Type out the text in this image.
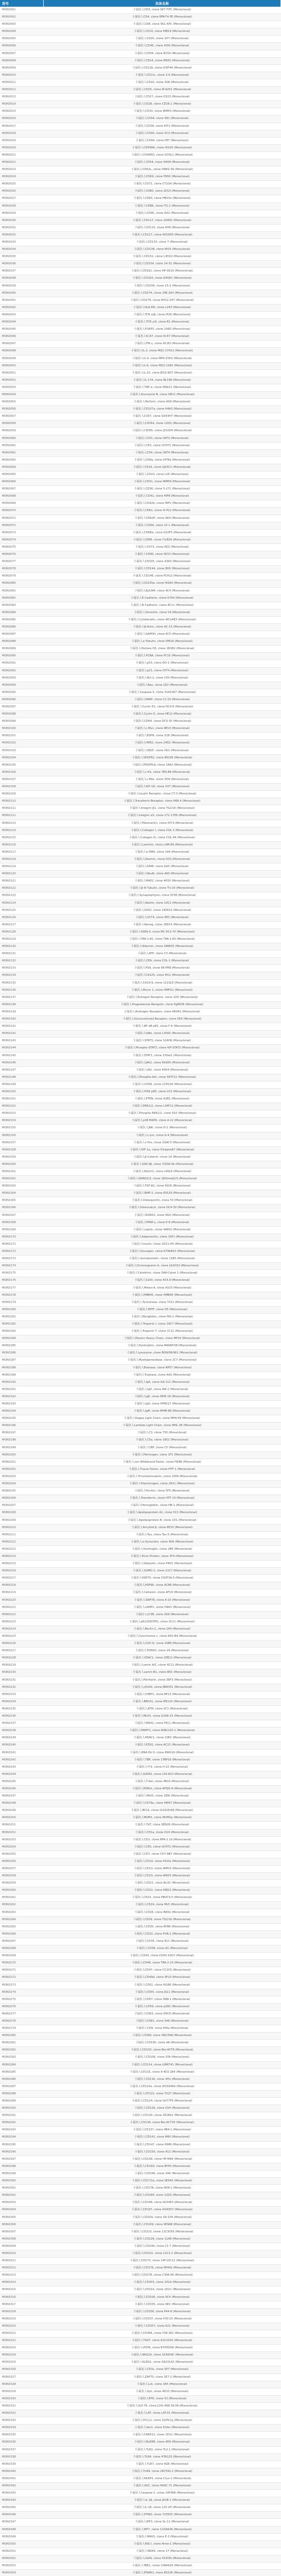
货号	抗体名称
MON3001	小鼠抗人CD3, clone SK7 FITC (Monoclonal)
MON3002	小鼠抗人CD4, clone RPA-T4 PE (Monoclonal)
MON3003	小鼠抗人CD8, clone SK1 APC (Monoclonal)
MON3004	小鼠抗人CD19, clone HIB19 (Monoclonal)
MON3005	小鼠抗人CD20, clone 2H7 (Monoclonal)
MON3006	小鼠抗人CD45, clone HI30 (Monoclonal)
MON3007	小鼠抗人CD56, clone B159 (Monoclonal)
MON3008	小鼠抗人CD14, clone M5E2 (Monoclonal)
MON3009	小鼠抗人CD11b, clone ICRF44 (Monoclonal)
MON3010	小鼠抗人CD11c, clone 3.9 (Monoclonal)
MON3011	小鼠抗人CD16, clone 3G8 (Monoclonal)
MON3012	小鼠抗人CD25, clone M-A251 (Monoclonal)
MON3013	小鼠抗人CD27, clone O323 (Monoclonal)
MON3014	小鼠抗人CD28, clone CD28.2 (Monoclonal)
MON3015	小鼠抗人CD33, clone WM53 (Monoclonal)
MON3016	小鼠抗人CD34, clone 581 (Monoclonal)
MON3017	小鼠抗人CD38, clone HIT2 (Monoclonal)
MON3018	小鼠抗人CD40, clone 5C3 (Monoclonal)
MON3019	小鼠抗人CD44, clone IM7 (Monoclonal)
MON3020	小鼠抗人CD45RA, clone HI100 (Monoclonal)
MON3021	小鼠抗人CD45RO, clone UCHL1 (Monoclonal)
MON3022	小鼠抗人CD54, clone HA58 (Monoclonal)
MON3023	小鼠抗人CD62L, clone DREG-56 (Monoclonal)
MON3024	小鼠抗人CD69, clone FN50 (Monoclonal)
MON3025	小鼠抗人CD71, clone CY1G4 (Monoclonal)
MON3026	小鼠抗人CD80, clone 2D10 (Monoclonal)
MON3027	小鼠抗人CD83, clone HB15e (Monoclonal)
MON3028	小鼠抗人CD86, clone IT2.2 (Monoclonal)
MON3029	小鼠抗人CD95, clone DX2 (Monoclonal)
MON3030	小鼠抗人CD117, clone 104D2 (Monoclonal)
MON3031	小鼠抗人CD123, clone 6H6 (Monoclonal)
MON3032	小鼠抗人CD127, clone A019D5 (Monoclonal)
MON3033	小鼠抗人CD133, clone 7 (Monoclonal)
MON3034	小鼠抗人CD138, clone MI15 (Monoclonal)
MON3035	小鼠抗人CD152, clone L3D10 (Monoclonal)
MON3036	小鼠抗人CD154, clone 24-31 (Monoclonal)
MON3037	小鼠抗人CD161, clone HP-3G10 (Monoclonal)
MON3038	小鼠抗人CD163, clone GHI/61 (Monoclonal)
MON3039	小鼠抗人CD206, clone 15-2 (Monoclonal)
MON3040	小鼠抗人CD274, clone 29E.2A3 (Monoclonal)
MON3041	小鼠抗人CD279, clone EH12.2H7 (Monoclonal)
MON3042	小鼠抗人HLA-DR, clone L243 (Monoclonal)
MON3043	小鼠抗人TCR α/β, clone IP26 (Monoclonal)
MON3044	小鼠抗人TCR γ/δ, clone B1 (Monoclonal)
MON3045	小鼠抗人FOXP3, clone 206D (Monoclonal)
MON3046	小鼠抗人Ki-67, clone Ki-67 (Monoclonal)
MON3047	小鼠抗人IFN-γ, clone 4S.B3 (Monoclonal)
MON3048	小鼠抗人IL-2, clone MQ1-17H12 (Monoclonal)
MON3049	小鼠抗人IL-4, clone MP4-25D2 (Monoclonal)
MON3050	小鼠抗人IL-6, clone MQ2-13A5 (Monoclonal)
MON3051	小鼠抗人IL-10, clone JES3-9D7 (Monoclonal)
MON3052	小鼠抗人IL-17A, clone BL168 (Monoclonal)
MON3053	小鼠抗人TNF-α, clone MAb11 (Monoclonal)
MON3054	小鼠抗人Granzyme B, clone GB11 (Monoclonal)
MON3055	小鼠抗人Perforin, clone dG9 (Monoclonal)
MON3056	小鼠抗人CD107a, clone H4A3 (Monoclonal)
MON3057	小鼠抗人CCR7, clone G043H7 (Monoclonal)
MON3058	小鼠抗人CXCR4, clone 12G5 (Monoclonal)
MON3059	小鼠抗人CXCR5, clone J252D4 (Monoclonal)
MON3060	小鼠抗人CD3, clone OKT3 (Monoclonal)
MON3061	小鼠抗人CD3, clone UCHT1 (Monoclonal)
MON3062	小鼠抗人CD4, clone OKT4 (Monoclonal)
MON3063	小鼠抗人CD8a, clone HIT8a (Monoclonal)
MON3064	小鼠抗人CD19, clone SJ25C1 (Monoclonal)
MON3065	小鼠抗人CD20, clone L26 (Monoclonal)
MON3066	小鼠抗人CD31, clone WM59 (Monoclonal)
MON3067	小鼠抗人CD36, clone 5-271 (Monoclonal)
MON3068	小鼠抗人CD41, clone HIP8 (Monoclonal)
MON3069	小鼠抗人CD42b, clone HIP1 (Monoclonal)
MON3070	小鼠抗人CD61, clone VI-PL2 (Monoclonal)
MON3071	小鼠抗人CD62P, clone AK4 (Monoclonal)
MON3072	小鼠抗人CD64, clone 10.1 (Monoclonal)
MON3073	小鼠抗人CD66b, clone G10F5 (Monoclonal)
MON3074	小鼠抗人CD68, clone Y1/82A (Monoclonal)
MON3075	小鼠抗人CD73, clone AD2 (Monoclonal)
MON3076	小鼠抗人CD90, clone 5E10 (Monoclonal)
MON3077	小鼠抗人CD105, clone 43A3 (Monoclonal)
MON3078	小鼠抗人CD144, clone BV9 (Monoclonal)
MON3079	小鼠抗人CD146, clone P1H12 (Monoclonal)
MON3080	小鼠抗人CD235a, clone HI264 (Monoclonal)
MON3081	小鼠抗人EpCAM, clone 9C4 (Monoclonal)
MON3082	小鼠抗人E-Cadherin, clone 67A4 (Monoclonal)
MON3083	小鼠抗人N-Cadherin, clone 8C11 (Monoclonal)
MON3084	小鼠抗人Vimentin, clone V9 (Monoclonal)
MON3085	小鼠抗人Cytokeratin, clone AE1/AE3 (Monoclonal)
MON3086	小鼠抗人β-Actin, clone AC-15 (Monoclonal)
MON3087	小鼠抗人GAPDH, clone 6C5 (Monoclonal)
MON3088	小鼠抗人α-Tubulin, clone DM1A (Monoclonal)
MON3089	小鼠抗人Histone H3, clone 1B1B2 (Monoclonal)
MON3090	小鼠抗人PCNA, clone PC10 (Monoclonal)
MON3091	小鼠抗人p53, clone DO-1 (Monoclonal)
MON3092	小鼠抗人p21, clone CP74 (Monoclonal)
MON3093	小鼠抗人Bcl-2, clone 100 (Monoclonal)
MON3094	小鼠抗人Bax, clone 2D2 (Monoclonal)
MON3095	小鼠抗人Caspase-3, clone 31A1067 (Monoclonal)
MON3096	小鼠抗人PARP, clone C2-10 (Monoclonal)
MON3097	小鼠抗人Cyclin D1, clone DCS-6 (Monoclonal)
MON3098	小鼠抗人Cyclin E, clone HE12 (Monoclonal)
MON3099	小鼠抗人CDK4, clone DCS-35 (Monoclonal)
MON3100	小鼠抗人c-Myc, clone 9E10 (Monoclonal)
MON3101	小鼠抗人EGFR, clone 528 (Monoclonal)
MON3102	小鼠抗人HER2, clone 24D2 (Monoclonal)
MON3103	小鼠抗人VEGF, clone VG1 (Monoclonal)
MON3104	小鼠抗人VEGFR2, clone 89106 (Monoclonal)
MON3105	小鼠抗人PDGFR-β, clone 18A2 (Monoclonal)
MON3106	小鼠抗人c-Kit, clone YB5.B8 (Monoclonal)
MON3107	小鼠抗人c-Met, clone 3D4 (Monoclonal)
MON3108	小鼠抗人IGF-1R, clone 1H7 (Monoclonal)
MON3109	小鼠抗人Insulin Receptor, clone CT-3 (Monoclonal)
MON3110	小鼠抗人Transferrin Receptor, clone H68.4 (Monoclonal)
MON3111	小鼠抗人Integrin β1, clone TS2/16 (Monoclonal)
MON3112	小鼠抗人Integrin αV, clone 272-17E6 (Monoclonal)
MON3113	小鼠抗人Fibronectin, clone IST-9 (Monoclonal)
MON3114	小鼠抗人Collagen I, clone COL-1 (Monoclonal)
MON3115	小鼠抗人Collagen IV, clone COL-94 (Monoclonal)
MON3116	小鼠抗人Laminin, clone LAM-89 (Monoclonal)
MON3117	小鼠抗人α-SMA, clone 1A4 (Monoclonal)
MON3118	小鼠抗人Desmin, clone D33 (Monoclonal)
MON3119	小鼠抗人GFAP, clone GA5 (Monoclonal)
MON3120	小鼠抗人NeuN, clone A60 (Monoclonal)
MON3121	小鼠抗人MAP2, clone AP20 (Monoclonal)
MON3122	小鼠抗人β-III Tubulin, clone TU-20 (Monoclonal)
MON3123	小鼠抗人Synaptophysin, clone SY38 (Monoclonal)
MON3124	小鼠抗人Nestin, clone 10C2 (Monoclonal)
MON3125	小鼠抗人SOX2, clone 245610 (Monoclonal)
MON3126	小鼠抗人OCT4, clone 9E3 (Monoclonal)
MON3127	小鼠抗人Nanog, clone 1E6C4 (Monoclonal)
MON3128	小鼠抗人SSEA-4, clone MC-813-70 (Monoclonal)
MON3129	小鼠抗人TRA-1-60, clone TRA-1-60 (Monoclonal)
MON3130	小鼠抗人Albumin, clone 188835 (Monoclonal)
MON3131	小鼠抗人AFP, clone C3 (Monoclonal)
MON3132	小鼠抗人CEA, clone COL-1 (Monoclonal)
MON3133	小鼠抗人PSA, clone ER-PR8 (Monoclonal)
MON3134	小鼠抗人CA125, clone M11 (Monoclonal)
MON3135	小鼠抗人CA19-9, clone 121SLE (Monoclonal)
MON3136	小鼠抗人Mucin 1, clone HMFG1 (Monoclonal)
MON3137	小鼠抗人Estrogen Receptor, clone 1D5 (Monoclonal)
MON3138	小鼠抗人Progesterone Receptor, clone PgR636 (Monoclonal)
MON3139	小鼠抗人Androgen Receptor, clone AR441 (Monoclonal)
MON3140	小鼠抗人Glucocorticoid Receptor, clone 5E4 (Monoclonal)
MON3141	小鼠抗人NF-κB p65, clone F-6 (Monoclonal)
MON3142	小鼠抗人IκBα, clone L35A5 (Monoclonal)
MON3143	小鼠抗人STAT3, clone 124H6 (Monoclonal)
MON3144	小鼠抗人Phospho-STAT3, clone 4/P-STAT3 (Monoclonal)
MON3145	小鼠抗人STAT1, clone 1/Stat1 (Monoclonal)
MON3146	小鼠抗人JAK2, clone 691R5 (Monoclonal)
MON3147	小鼠抗人Akt, clone 40D4 (Monoclonal)
MON3148	小鼠抗人Phospho-Akt, clone 587F11 (Monoclonal)
MON3149	小鼠抗人mTOR, clone 215Q18 (Monoclonal)
MON3150	小鼠抗人PI3K p85, clone U13 (Monoclonal)
MON3151	小鼠抗人PTEN, clone A2B1 (Monoclonal)
MON3152	小鼠抗人ERK1/2, clone L34F12 (Monoclonal)
MON3153	小鼠抗人Phospho-ERK1/2, clone E10 (Monoclonal)
MON3154	小鼠抗人p38 MAPK, clone A-12 (Monoclonal)
MON3155	小鼠抗人JNK, clone D-2 (Monoclonal)
MON3156	小鼠抗人c-Jun, clone G-4 (Monoclonal)
MON3157	小鼠抗人c-Fos, clone 2G9C3 (Monoclonal)
MON3158	小鼠抗人HIF-1α, clone H1alpha67 (Monoclonal)
MON3159	小鼠抗人β-Catenin, clone 14 (Monoclonal)
MON3160	小鼠抗人GSK-3β, clone 7/GSK-3b (Monoclonal)
MON3161	小鼠抗人Notch1, clone mN1A (Monoclonal)
MON3162	小鼠抗人SMAD2/3, clone 18/Smad2/3 (Monoclonal)
MON3163	小鼠抗人TGF-β1, clone 9016 (Monoclonal)
MON3164	小鼠抗人BMP-2, clone 65529 (Monoclonal)
MON3165	小鼠抗人Osteopontin, clone 53 (Monoclonal)
MON3166	小鼠抗人Osteocalcin, clone OC4-30 (Monoclonal)
MON3167	小鼠抗人RUNX2, clone 8G5 (Monoclonal)
MON3168	小鼠抗人PPAR-γ, clone E-8 (Monoclonal)
MON3169	小鼠抗人Leptin, clone 44802 (Monoclonal)
MON3170	小鼠抗人Adiponectin, clone 19F1 (Monoclonal)
MON3171	小鼠抗人Insulin, clone 2D11-H5 (Monoclonal)
MON3172	小鼠抗人Glucagon, clone K79bB10 (Monoclonal)
MON3173	小鼠抗人Somatostatin, clone 11B5 (Monoclonal)
MON3174	小鼠抗人Chromogranin A, clone LK2H10 (Monoclonal)
MON3175	小鼠抗人Calretinin, clone DAK-Calret 1 (Monoclonal)
MON3176	小鼠抗人S100, clone 4C4.9 (Monoclonal)
MON3177	小鼠抗人Melan-A, clone A103 (Monoclonal)
MON3178	小鼠抗人HMB45, clone HMB45 (Monoclonal)
MON3179	小鼠抗人Tyrosinase, clone T311 (Monoclonal)
MON3180	小鼠抗人MITF, clone D5 (Monoclonal)
MON3181	小鼠抗人Myoglobin, clone MG-1 (Monoclonal)
MON3182	小鼠抗人Troponin I, clone 19C7 (Monoclonal)
MON3183	小鼠抗人Troponin T, clone 1C11 (Monoclonal)
MON3184	小鼠抗人Myosin Heavy Chain, clone MF20 (Monoclonal)
MON3185	小鼠抗人Dystrophin, clone MANDYS8 (Monoclonal)
MON3186	小鼠抗人Lysozyme, clone BGN/06/961 (Monoclonal)
MON3187	小鼠抗人Myeloperoxidase, clone 2C7 (Monoclonal)
MON3188	小鼠抗人Elastase, clone NP57 (Monoclonal)
MON3189	小鼠抗人Tryptase, clone AA1 (Monoclonal)
MON3190	小鼠抗人IgA, clone GA-112 (Monoclonal)
MON3191	小鼠抗人IgD, clone IA6-2 (Monoclonal)
MON3192	小鼠抗人IgE, clone MHE-18 (Monoclonal)
MON3193	小鼠抗人IgG, clone HP6017 (Monoclonal)
MON3194	小鼠抗人IgM, clone MHM-88 (Monoclonal)
MON3195	小鼠抗人Kappa Light Chain, clone MHK-49 (Monoclonal)
MON3196	小鼠抗人Lambda Light Chain, clone MHL-38 (Monoclonal)
MON3197	小鼠抗人C3, clone 755 (Monoclonal)
MON3198	小鼠抗人C5a, clone 2952 (Monoclonal)
MON3199	小鼠抗人CRP, clone C5 (Monoclonal)
MON3200	小鼠抗人Fibrinogen, clone 1F1 (Monoclonal)
MON3201	小鼠抗人von Willebrand Factor, clone F8/86 (Monoclonal)
MON3202	小鼠抗人Tissue Factor, clone HTF-1 (Monoclonal)
MON3203	小鼠抗人Thrombomodulin, clone 1009 (Monoclonal)
MON3204	小鼠抗人Plasminogen, clone 2A11 (Monoclonal)
MON3205	小鼠抗人Ferritin, clone 5F5 (Monoclonal)
MON3206	小鼠抗人Transferrin, clone HTF-14 (Monoclonal)
MON3207	小鼠抗人Hemoglobin, clone HB-1 (Monoclonal)
MON3208	小鼠抗人Apolipoprotein A1, clone 513 (Monoclonal)
MON3209	小鼠抗人Apolipoprotein B, clone 1D1 (Monoclonal)
MON3210	小鼠抗人Amyloid β, clone 6E10 (Monoclonal)
MON3211	小鼠抗人Tau, clone Tau-5 (Monoclonal)
MON3212	小鼠抗人α-Synuclein, clone 4D6 (Monoclonal)
MON3213	小鼠抗人Huntingtin, clone 2B4 (Monoclonal)
MON3214	小鼠抗人Prion Protein, clone 3F4 (Monoclonal)
MON3215	小鼠抗人Ubiquitin, clone P4D1 (Monoclonal)
MON3216	小鼠抗人SUMO-1, clone 21C7 (Monoclonal)
MON3217	小鼠抗人HSP70, clone C92F3A-5 (Monoclonal)
MON3218	小鼠抗人HSP90, clone AC88 (Monoclonal)
MON3219	小鼠抗人Calnexin, clone AF18 (Monoclonal)
MON3220	小鼠抗人GRP78, clone A-10 (Monoclonal)
MON3221	小鼠抗人LAMP1, clone H4A3 (Monoclonal)
MON3222	小鼠抗人LC3B, clone 2G6 (Monoclonal)
MON3223	小鼠抗人p62/SQSTM1, clone 2C11 (Monoclonal)
MON3224	小鼠抗人Beclin-1, clone 2A4 (Monoclonal)
MON3225	小鼠抗人Cytochrome c, clone 6H2.B4 (Monoclonal)
MON3226	小鼠抗人COX IV, clone 20E8 (Monoclonal)
MON3227	小鼠抗人TOM20, clone 29 (Monoclonal)
MON3228	小鼠抗人VDAC1, clone 20B12 (Monoclonal)
MON3229	小鼠抗人Lamin A/C, clone 4C11 (Monoclonal)
MON3230	小鼠抗人Lamin B1, clone 8D1 (Monoclonal)
MON3231	小鼠抗人Fibrillarin, clone 38F3 (Monoclonal)
MON3232	小鼠抗人γH2AX, clone JBW301 (Monoclonal)
MON3233	小鼠抗人53BP1, clone BP13 (Monoclonal)
MON3234	小鼠抗人BRCA1, clone MS110 (Monoclonal)
MON3235	小鼠抗人ATM, clone 2C1 (Monoclonal)
MON3236	小鼠抗人MLH1, clone G168-15 (Monoclonal)
MON3237	小鼠抗人MSH2, clone FE11 (Monoclonal)
MON3238	小鼠抗人DNMT1, clone 60B1220.1 (Monoclonal)
MON3239	小鼠抗人HDAC1, clone 10E2 (Monoclonal)
MON3240	小鼠抗人EZH2, clone AC22 (Monoclonal)
MON3241	小鼠抗人RNA Pol II, clone 8WG16 (Monoclonal)
MON3242	小鼠抗人TBP, clone 1TBP18 (Monoclonal)
MON3243	小鼠抗人YY1, clone H-10 (Monoclonal)
MON3244	小鼠抗人GATA3, clone L50-823 (Monoclonal)
MON3245	小鼠抗人T-bet, clone 4B10 (Monoclonal)
MON3246	小鼠抗人RORγt, clone AFKJS-9 (Monoclonal)
MON3247	小鼠抗人PAX5, clone 1EW (Monoclonal)
MON3248	小鼠抗人CD79a, clone HM47 (Monoclonal)
MON3249	小鼠抗人BCL6, clone GI191E/A8 (Monoclonal)
MON3250	小鼠抗人MUM1, clone MUM1p (Monoclonal)
MON3251	小鼠抗人TdT, clone SEN28 (Monoclonal)
MON3252	小鼠抗人CD1a, clone O10 (Monoclonal)
MON3253	小鼠抗人CD2, clone RPA-2.10 (Monoclonal)
MON3254	小鼠抗人CD5, clone UCHT2 (Monoclonal)
MON3255	小鼠抗人CD7, clone CD7-6B7 (Monoclonal)
MON3256	小鼠抗人CD10, clone HI10a (Monoclonal)
MON3257	小鼠抗人CD13, clone WM15 (Monoclonal)
MON3258	小鼠抗人CD15, clone W6D3 (Monoclonal)
MON3259	小鼠抗人CD21, clone Bu32 (Monoclonal)
MON3260	小鼠抗人CD22, clone HIB22 (Monoclonal)
MON3261	小鼠抗人CD23, clone EBVCS-5 (Monoclonal)
MON3262	小鼠抗人CD24, clone ML5 (Monoclonal)
MON3263	小鼠抗人CD26, clone BA5b (Monoclonal)
MON3264	小鼠抗人CD29, clone TS2/16 (Monoclonal)
MON3265	小鼠抗人CD30, clone BY88 (Monoclonal)
MON3266	小鼠抗人CD32, clone FUN-2 (Monoclonal)
MON3267	小鼠抗人CD35, clone E11 (Monoclonal)
MON3268	小鼠抗人CD39, clone A1 (Monoclonal)
MON3269	小鼠抗人CD43, clone CD43-10G7 (Monoclonal)
MON3270	小鼠抗人CD46, clone TRA-2-10 (Monoclonal)
MON3271	小鼠抗人CD47, clone CC2C6 (Monoclonal)
MON3272	小鼠抗人CD49d, clone 9F10 (Monoclonal)
MON3273	小鼠抗人CD52, clone HI186 (Monoclonal)
MON3274	小鼠抗人CD55, clone JS11 (Monoclonal)
MON3275	小鼠抗人CD57, clone HNK-1 (Monoclonal)
MON3276	小鼠抗人CD59, clone p282 (Monoclonal)
MON3277	小鼠抗人CD63, clone H5C6 (Monoclonal)
MON3278	小鼠抗人CD81, clone 5A6 (Monoclonal)
MON3279	小鼠抗人CD9, clone HI9a (Monoclonal)
MON3280	小鼠抗人CD99, clone 3B2/TA8 (Monoclonal)
MON3281	小鼠抗人CD100, clone A8 (Monoclonal)
MON3282	小鼠抗人CD103, clone Ber-ACT8 (Monoclonal)
MON3283	小鼠抗人CD106, clone STA (Monoclonal)
MON3284	小鼠抗人CD114, clone LMM741 (Monoclonal)
MON3285	小鼠抗人CD115, clone 9-4D2-1E4 (Monoclonal)
MON3286	小鼠抗人CD116, clone 4H1 (Monoclonal)
MON3287	小鼠抗人CD120a, clone W15099A (Monoclonal)
MON3288	小鼠抗人CD122, clone TU27 (Monoclonal)
MON3289	小鼠抗人CD124, clone G077F6 (Monoclonal)
MON3290	小鼠抗人CD126, clone UV4 (Monoclonal)
MON3291	小鼠抗人CD130, clone 2E1B02 (Monoclonal)
MON3292	小鼠抗人CD134, clone Ber-ACT35 (Monoclonal)
MON3293	小鼠抗人CD137, clone 4B4-1 (Monoclonal)
MON3294	小鼠抗人CD141, clone M80 (Monoclonal)
MON3295	小鼠抗人CD147, clone HIM6 (Monoclonal)
MON3296	小鼠抗人CD150, clone A12 (Monoclonal)
MON3297	小鼠抗人CD158, clone HP-MA4 (Monoclonal)
MON3298	小鼠抗人CD160, clone BY55 (Monoclonal)
MON3299	小鼠抗人CD166, clone 3A6 (Monoclonal)
MON3300	小鼠抗人CD172a, clone SE5A5 (Monoclonal)
MON3301	小鼠抗人CD178, clone NOK-1 (Monoclonal)
MON3302	小鼠抗人CD184, clone 12G5 (Monoclonal)
MON3303	小鼠抗人CD196, clone G034E3 (Monoclonal)
MON3304	小鼠抗人CD197, clone G043H7 (Monoclonal)
MON3305	小鼠抗人CD200, clone OX-104 (Monoclonal)
MON3306	小鼠抗人CD209, clone 9E9A8 (Monoclonal)
MON3307	小鼠抗人CD223, clone 11C3C65 (Monoclonal)
MON3308	小鼠抗人CD226, clone 11A8 (Monoclonal)
MON3309	小鼠抗人CD244, clone C1.7 (Monoclonal)
MON3310	小鼠抗人CD252, clone 11C3.1 (Monoclonal)
MON3311	小鼠抗人CD273, clone 24F.10C12 (Monoclonal)
MON3312	小鼠抗人CD276, clone MIH42 (Monoclonal)
MON3313	小鼠抗人CD278, clone C398.4A (Monoclonal)
MON3314	小鼠抗人CD303, clone 201A (Monoclonal)
MON3315	小鼠抗人CD314, clone 1D11 (Monoclonal)
MON3316	小鼠抗人CD326, clone 9C4 (Monoclonal)
MON3317	小鼠抗人CD335, clone 9E2 (Monoclonal)
MON3318	小鼠抗人CD336, clone P44-8 (Monoclonal)
MON3319	小鼠抗人CD337, clone P30-15 (Monoclonal)
MON3320	小鼠抗人CD357, clone 621 (Monoclonal)
MON3321	小鼠抗人CD366, clone F38-2E2 (Monoclonal)
MON3322	小鼠抗人TIGIT, clone A15153G (Monoclonal)
MON3323	小鼠抗人VISTA, clone B7H5DS8 (Monoclonal)
MON3324	小鼠抗人NKG2A, clone S19004C (Monoclonal)
MON3325	小鼠抗人KLRG1, clone SA231A2 (Monoclonal)
MON3326	小鼠抗人CD3ε, clone SP7 (Monoclonal)
MON3327	小鼠抗人ZAP70, clone 1E7.2 (Monoclonal)
MON3328	小鼠抗人Lck, clone 3A5 (Monoclonal)
MON3329	小鼠抗人Syk, clone 4D10 (Monoclonal)
MON3330	小鼠抗人BTK, clone 53 (Monoclonal)
MON3331	小鼠抗人SLP-76, clone J141-668.36.58 (Monoclonal)
MON3332	小鼠抗人LAT, clone LAT-01 (Monoclonal)
MON3333	小鼠抗人PLCγ1, clone 10/PLCg (Monoclonal)
MON3334	小鼠抗人Vav1, clone 5/Vav (Monoclonal)
MON3335	小鼠抗人CARD11, clone 1D12 (Monoclonal)
MON3336	小鼠抗人MyD88, clone 4D6 (Monoclonal)
MON3337	小鼠抗人TLR2, clone TL2.1 (Monoclonal)
MON3338	小鼠抗人TLR4, clone HTA125 (Monoclonal)
MON3339	小鼠抗人TLR7, clone 4G6 (Monoclonal)
MON3340	小鼠抗人TLR9, clone 26C593.2 (Monoclonal)
MON3341	小鼠抗人NLRP3, clone Cryo-2 (Monoclonal)
MON3342	小鼠抗人ASC, clone HASC-71 (Monoclonal)
MON3343	小鼠抗人Caspase-1, clone 14F468 (Monoclonal)
MON3344	小鼠抗人IL-1β, clone JK1B-1 (Monoclonal)
MON3345	小鼠抗人IL-18, clone 125-2H (Monoclonal)
MON3346	小鼠抗人STING, clone 723505 (Monoclonal)
MON3347	小鼠抗人IRF3, clone SL-12 (Monoclonal)
MON3348	小鼠抗人IRF7, clone 12G9A36 (Monoclonal)
MON3349	小鼠抗人MAVS, clone E-3 (Monoclonal)
MON3350	小鼠抗人RIG-I, clone Alme-1 (Monoclonal)
MON3351	小鼠抗人MDA5, clone 17 (Monoclonal)
MON3352	小鼠抗人cGAS, clone D1D3G (Monoclonal)
MON3353	小鼠抗人TBK1, clone 108A429 (Monoclonal)
MON3354	小鼠抗人IFNAR1, clone 85228 (Monoclonal)
